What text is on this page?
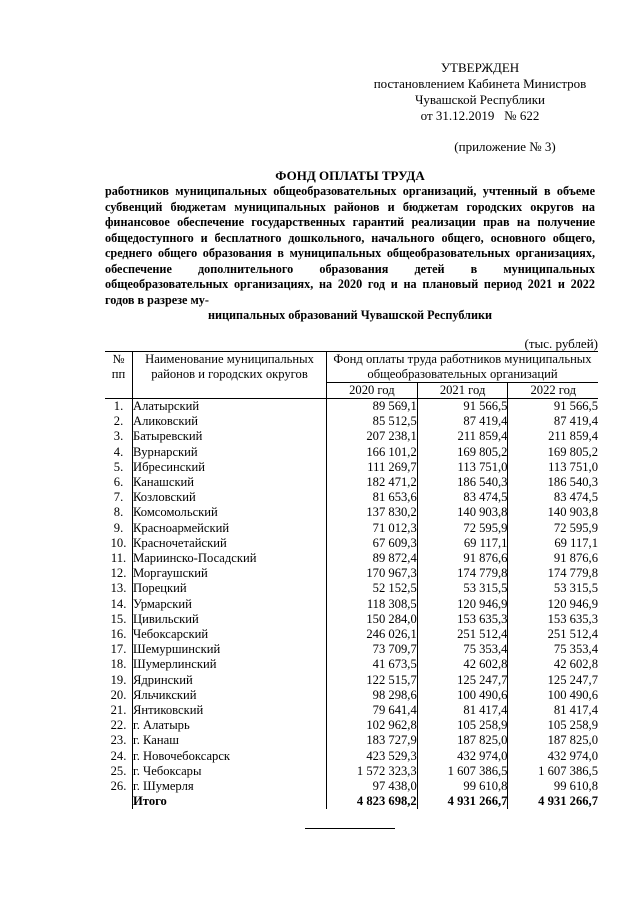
УТВЕРЖДЕН
постановлением Кабинета Министров
Чувашской Республики
от 31.12.2019   № 622
(приложение № 3)
ФОНД ОПЛАТЫ ТРУДА
работников муниципальных общеобразовательных организаций, учтенный в объеме субвенций бюджетам муниципальных районов и бюджетам городских округов на финансовое обеспечение государственных гарантий реализации прав на получение общедоступного и бесплатного дошкольного, начального общего, основного общего, среднего общего образования в муниципальных общеобразовательных организациях, обеспечение дополнительного образования детей в муниципальных общеобразовательных организациях, на 2020 год и на плановый период 2021 и 2022 годов в разрезе му-
ниципальных образований Чувашской Республики
(тыс. рублей)
№ пп	Наименование муниципальных районов и городских округов	Фонд оплаты труда работников муниципальных общеобразовательных организаций		
		2020 год	2021 год	2022 год
1.	Алатырский	89 569,1	91 566,5	91 566,5
2.	Аликовский	85 512,5	87 419,4	87 419,4
3.	Батыревский	207 238,1	211 859,4	211 859,4
4.	Вурнарский	166 101,2	169 805,2	169 805,2
5.	Ибресинский	111 269,7	113 751,0	113 751,0
6.	Канашский	182 471,2	186 540,3	186 540,3
7.	Козловский	81 653,6	83 474,5	83 474,5
8.	Комсомольский	137 830,2	140 903,8	140 903,8
9.	Красноармейский	71 012,3	72 595,9	72 595,9
10.	Красночетайский	67 609,3	69 117,1	69 117,1
11.	Мариинско-Посадский	89 872,4	91 876,6	91 876,6
12.	Моргаушский	170 967,3	174 779,8	174 779,8
13.	Порецкий	52 152,5	53 315,5	53 315,5
14.	Урмарский	118 308,5	120 946,9	120 946,9
15.	Цивильский	150 284,0	153 635,3	153 635,3
16.	Чебоксарский	246 026,1	251 512,4	251 512,4
17.	Шемуршинский	73 709,7	75 353,4	75 353,4
18.	Шумерлинский	41 673,5	42 602,8	42 602,8
19.	Ядринский	122 515,7	125 247,7	125 247,7
20.	Яльчикский	98 298,6	100 490,6	100 490,6
21.	Янтиковский	79 641,4	81 417,4	81 417,4
22.	г. Алатырь	102 962,8	105 258,9	105 258,9
23.	г. Канаш	183 727,9	187 825,0	187 825,0
24.	г. Новочебоксарск	423 529,3	432 974,0	432 974,0
25.	г. Чебоксары	1 572 323,3	1 607 386,5	1 607 386,5
26.	г. Шумерля	97 438,0	99 610,8	99 610,8
	Итого	4 823 698,2	4 931 266,7	4 931 266,7
